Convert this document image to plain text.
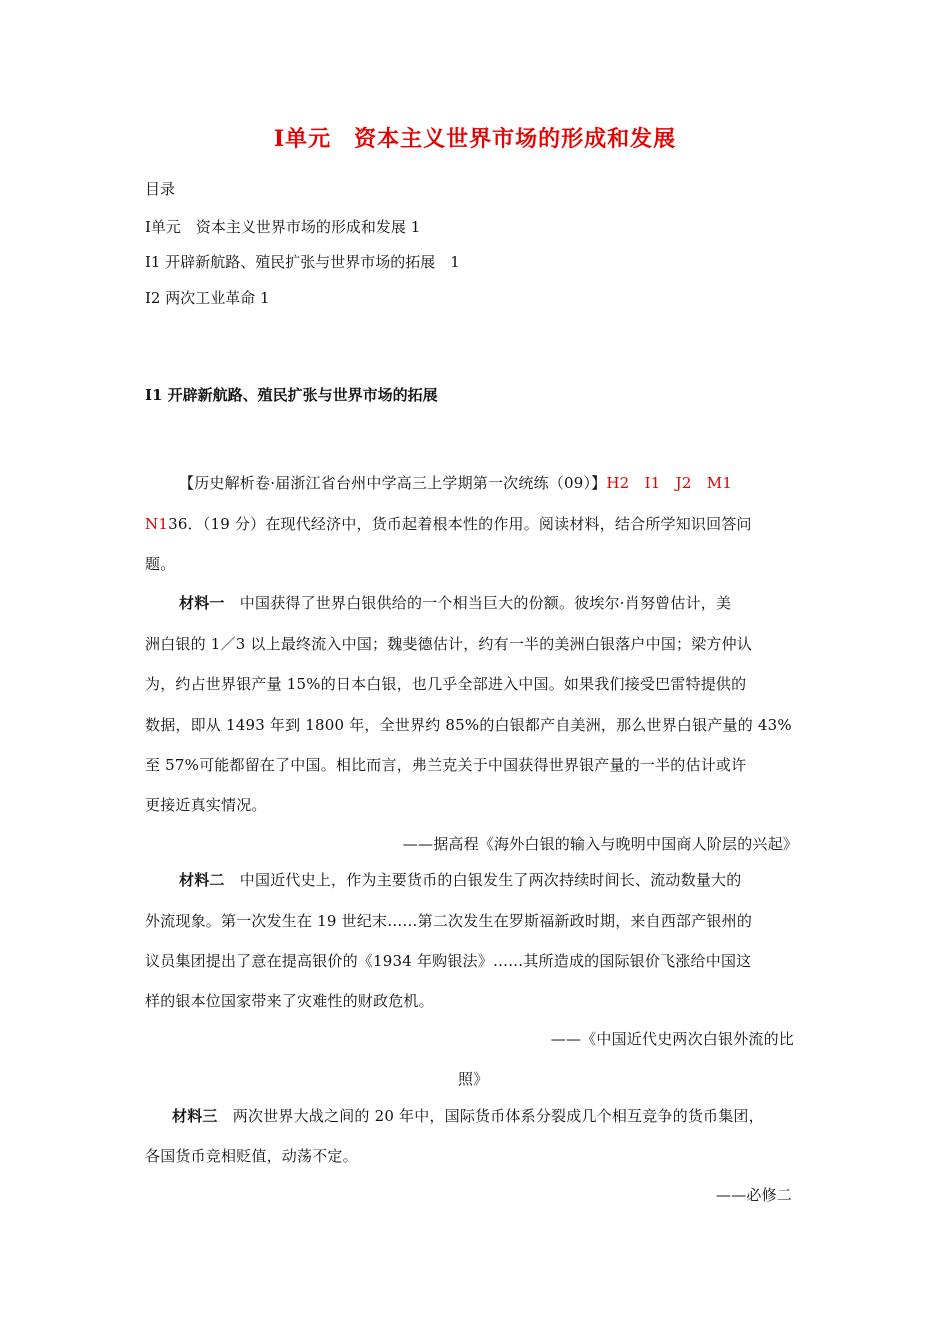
Ⅰ单元　资本主义世界市场的形成和发展
目录
Ⅰ单元　资本主义世界市场的形成和发展 1
I1 开辟新航路、殖民扩张与世界市场的拓展　1
I2 两次工业革命 1
I1 开辟新航路、殖民扩张与世界市场的拓展
【历史解析卷·届浙江省台州中学高三上学期第一次统练（09）】H2　I1　J2　M1
N136．（19 分）在现代经济中，货币起着根本性的作用。阅读材料，结合所学知识回答问
题。
材料一　中国获得了世界白银供给的一个相当巨大的份额。彼埃尔·肖努曾估计，美
洲白银的 1／3 以上最终流入中国；魏斐德估计，约有一半的美洲白银落户中国；梁方仲认
为，约占世界银产量 15%的日本白银，也几乎全部进入中国。如果我们接受巴雷特提供的
数据，即从 1493 年到 1800 年，全世界约 85%的白银都产自美洲，那么世界白银产量的 43%
至 57%可能都留在了中国。相比而言，弗兰克关于中国获得世界银产量的一半的估计或许
更接近真实情况。
——据高程《海外白银的输入与晚明中国商人阶层的兴起》
材料二　中国近代史上，作为主要货币的白银发生了两次持续时间长、流动数量大的
外流现象。第一次发生在 19 世纪末……第二次发生在罗斯福新政时期，来自西部产银州的
议员集团提出了意在提高银价的《1934 年购银法》……其所造成的国际银价飞涨给中国这
样的银本位国家带来了灾难性的财政危机。
——《中国近代史两次白银外流的比
照》
材料三　两次世界大战之间的 20 年中，国际货币体系分裂成几个相互竞争的货币集团，
各国货币竞相贬值，动荡不定。
——必修二
